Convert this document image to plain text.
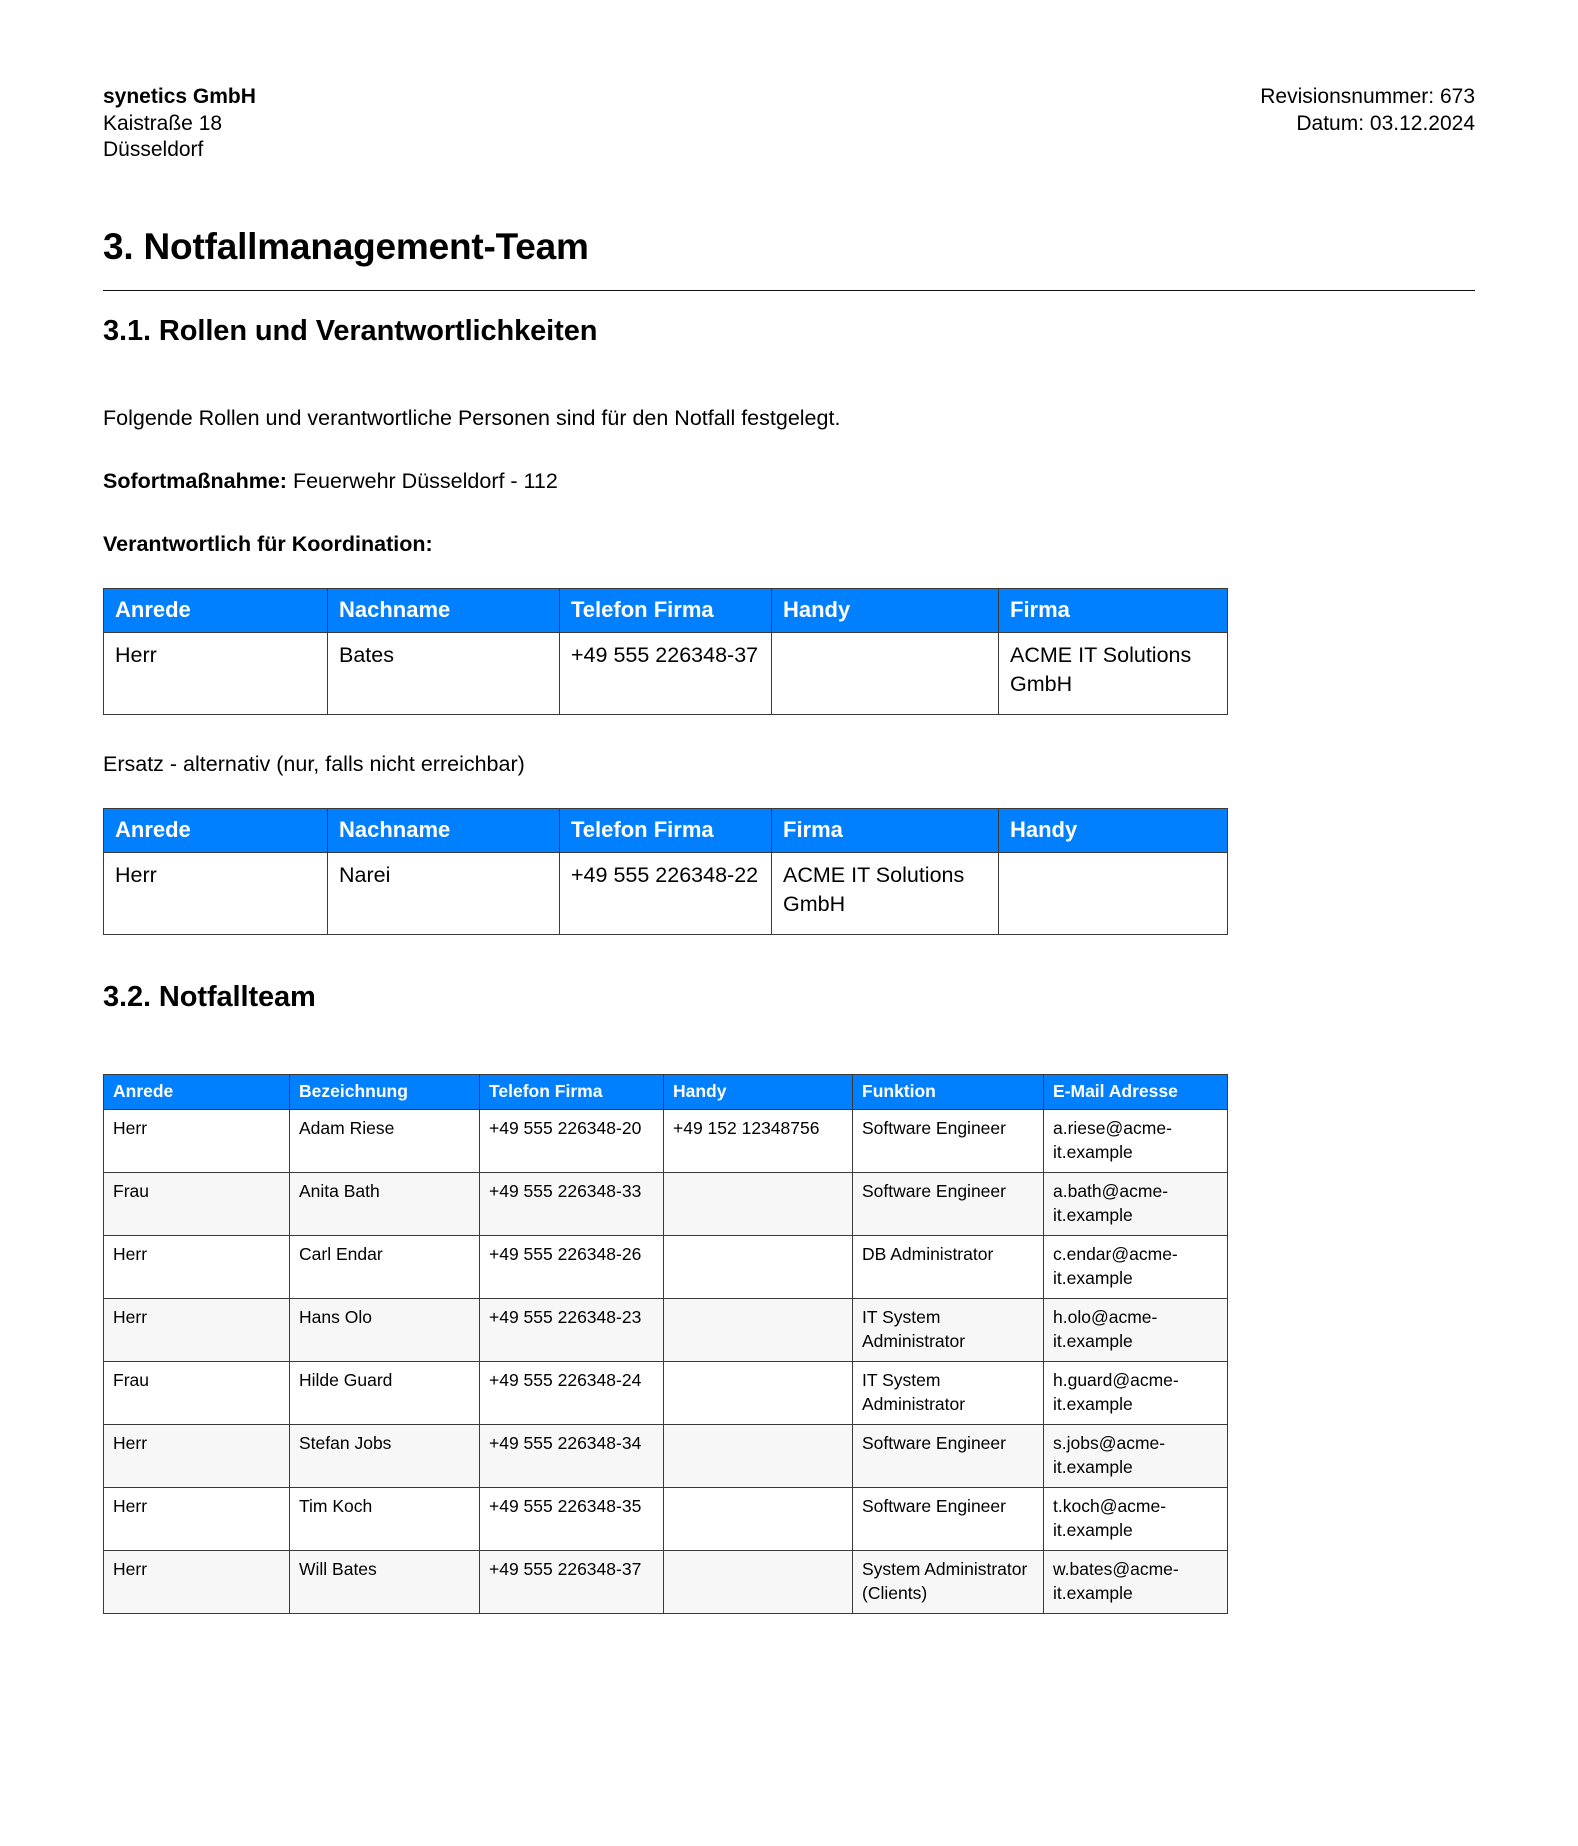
synetics GmbH
Kaistraße 18
Düsseldorf
Revisionsnummer: 673
Datum: 03.12.2024
3. Notfallmanagement-Team
3.1. Rollen und Verantwortlichkeiten

Folgende Rollen und verantwortliche Personen sind für den Notfall festgelegt.

Sofortmaßnahme: Feuerwehr Düsseldorf - 112

Verantwortlich für Koordination:

Anrede	Nachname	Telefon Firma	Handy	Firma
Herr	Bates	+49 555 226348-37		ACME IT Solutions GmbH

Ersatz - alternativ (nur, falls nicht erreichbar)

Anrede	Nachname	Telefon Firma	Firma	Handy
Herr	Narei	+49 555 226348-22	ACME IT Solutions GmbH	
3.2. Notfallteam
Anrede	Bezeichnung	Telefon Firma	Handy	Funktion	E-Mail Adresse
Herr	Adam Riese	+49 555 226348-20	+49 152 12348756	Software Engineer	a.riese@acme-it.example
Frau	Anita Bath	+49 555 226348-33		Software Engineer	a.bath@acme-it.example
Herr	Carl Endar	+49 555 226348-26		DB Administrator	c.endar@acme-it.example
Herr	Hans Olo	+49 555 226348-23		IT System Administrator	h.olo@acme-it.example
Frau	Hilde Guard	+49 555 226348-24		IT System Administrator	h.guard@acme-it.example
Herr	Stefan Jobs	+49 555 226348-34		Software Engineer	s.jobs@acme-it.example
Herr	Tim Koch	+49 555 226348-35		Software Engineer	t.koch@acme-it.example
Herr	Will Bates	+49 555 226348-37		System Administrator (Clients)	w.bates@acme-it.example
